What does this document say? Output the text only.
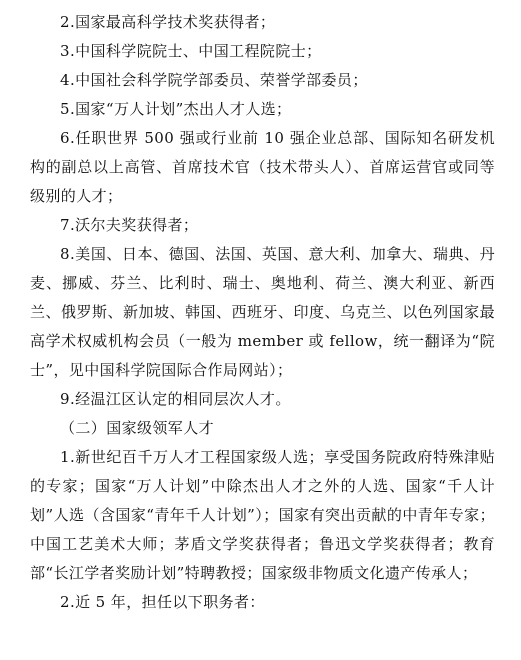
2.国家最高科学技术奖获得者；

3.中国科学院院士、中国工程院院士；

4.中国社会科学院学部委员、荣誉学部委员；

5.国家“万人计划”杰出人才人选；

6.任职世界 500 强或行业前 10 强企业总部、国际知名研发机构的副总以上高管、首席技术官（技术带头人）、首席运营官或同等级别的人才；

7.沃尔夫奖获得者；

8.美国、日本、德国、法国、英国、意大利、加拿大、瑞典、丹麦、挪威、芬兰、比利时、瑞士、奥地利、荷兰、澳大利亚、新西兰、俄罗斯、新加坡、韩国、西班牙、印度、乌克兰、以色列国家最高学术权威机构会员（一般为 member 或 fellow，统一翻译为“院士”，见中国科学院国际合作局网站）；

9.经温江区认定的相同层次人才。

（二）国家级领军人才

1.新世纪百千万人才工程国家级人选；享受国务院政府特殊津贴的专家；国家“万人计划”中除杰出人才之外的人选、国家“千人计划”人选（含国家“青年千人计划”）；国家有突出贡献的中青年专家；中国工艺美术大师；茅盾文学奖获得者；鲁迅文学奖获得者；教育部“长江学者奖励计划”特聘教授；国家级非物质文化遗产传承人；

2.近 5 年，担任以下职务者：
